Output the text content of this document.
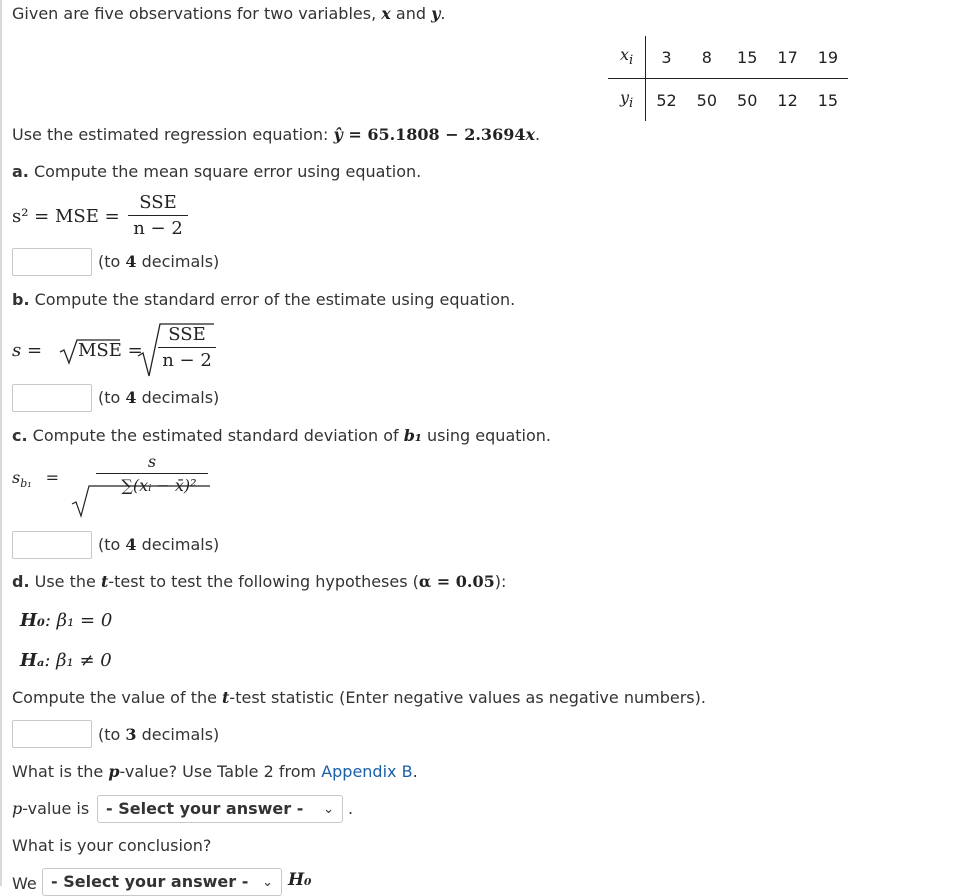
Given are five observations for two variables, x and y.
$x_i$	3	8	15	17	19
$y_i$	52	50	50	12	15
Use the estimated regression equation: ŷ = 65.1808 − 2.3694x.
a. Compute the mean square error using equation.
s² = MSE =
SSE
n − 2
(to 4 decimals)
b. Compute the standard error of the estimate using equation.
s = MSE =
SSE
n − 2
(to 4 decimals)
c. Compute the estimated standard deviation of b₁ using equation.
$s_{b_1}$ =
s
∑(xᵢ − x̄)²
(to 4 decimals)
d. Use the t-test to test the following hypotheses (α = 0.05):
H₀: β₁ = 0
Hₐ: β₁ ≠ 0
Compute the value of the t-test statistic (Enter negative values as negative numbers).
(to 3 decimals)
What is the p-value? Use Table 2 from Appendix B.
p-value is	- Select your answer - ⌄ .
What is your conclusion?
We - Select your answer - ⌄ H₀
